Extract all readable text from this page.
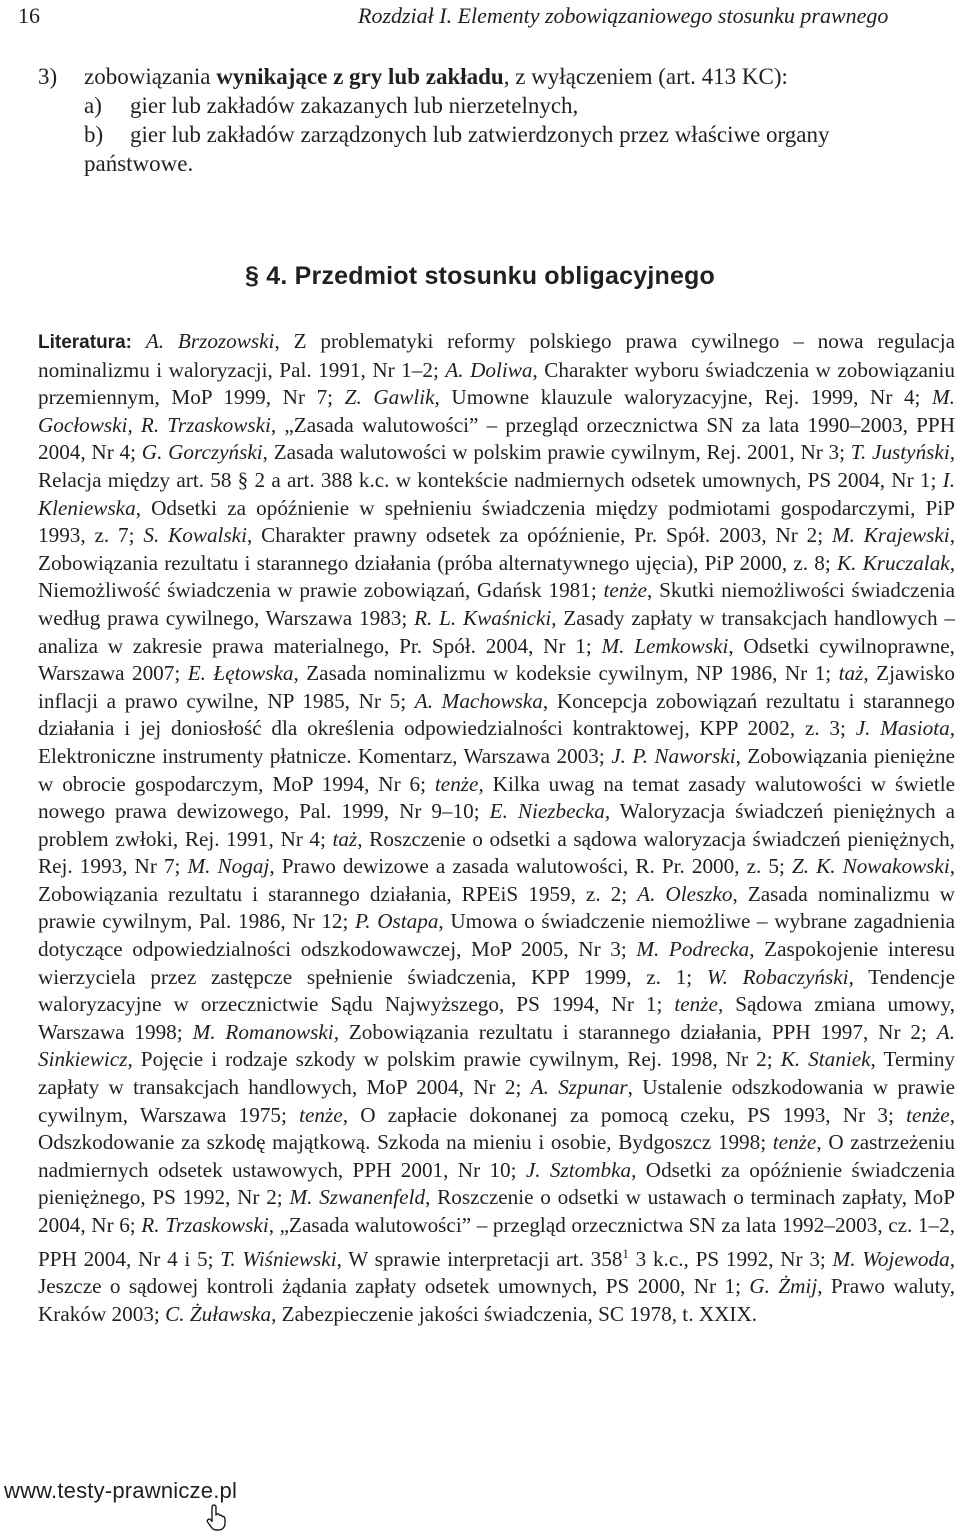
16	Rozdział I. Elementy zobowiązaniowego stosunku prawnego
3) zobowiązania wynikające z gry lub zakładu, z wyłączeniem (art. 413 KC):
a) gier lub zakładów zakazanych lub nierzetelnych,
b) gier lub zakładów zarządzonych lub zatwierdzonych przez właściwe organy
państwowe.
§ 4. Przedmiot stosunku obligacyjnego
Literatura: A. Brzozowski, Z problematyki reformy polskiego prawa cywilnego – nowa regulacja nominalizmu i waloryzacji, Pal. 1991, Nr 1–2; A. Doliwa, Charakter wyboru świadczenia w zobowiązaniu przemiennym, MoP 1999, Nr 7; Z. Gawlik, Umowne klauzule waloryzacyjne, Rej. 1999, Nr 4; M. Gocłowski, R. Trzaskowski, „Zasada walutowości” – przegląd orzecznictwa SN za lata 1990–2003, PPH 2004, Nr 4; G. Gorczyński, Zasada walutowości w polskim prawie cywilnym, Rej. 2001, Nr 3; T. Justyński, Relacja między art. 58 § 2 a art. 388 k.c. w kontekście nadmiernych odsetek umownych, PS 2004, Nr 1; I. Kleniewska, Odsetki za opóźnienie w spełnieniu świadczenia między podmiotami gospodarczymi, PiP 1993, z. 7; S. Kowalski, Charakter prawny odsetek za opóźnienie, Pr. Spół. 2003, Nr 2; M. Krajewski, Zobowiązania rezultatu i starannego działania (próba alternatywnego ujęcia), PiP 2000, z. 8; K. Kruczalak, Niemożliwość świadczenia w prawie zobowiązań, Gdańsk 1981; tenże, Skutki niemożliwości świadczenia według prawa cywilnego, Warszawa 1983; R. L. Kwaśnicki, Zasady zapłaty w transakcjach handlowych – analiza w zakresie prawa materialnego, Pr. Spół. 2004, Nr 1; M. Lemkowski, Odsetki cywilnoprawne, Warszawa 2007; E. Łętowska, Zasada nominalizmu w kodeksie cywilnym, NP 1986, Nr 1; taż, Zjawisko inflacji a prawo cywilne, NP 1985, Nr 5; A. Machowska, Koncepcja zobowiązań rezultatu i starannego działania i jej doniosłość dla określenia odpowiedzialności kontraktowej, KPP 2002, z. 3; J. Masiota, Elektroniczne instrumenty płatnicze. Komentarz, Warszawa 2003; J. P. Naworski, Zobowiązania pieniężne w obrocie gospodarczym, MoP 1994, Nr 6; tenże, Kilka uwag na temat zasady walutowości w świetle nowego prawa dewizowego, Pal. 1999, Nr 9–10; E. Niezbecka, Waloryzacja świadczeń pieniężnych a problem zwłoki, Rej. 1991, Nr 4; taż, Roszczenie o odsetki a sądowa waloryzacja świadczeń pieniężnych, Rej. 1993, Nr 7; M. Nogaj, Prawo dewizowe a zasada walutowości, R. Pr. 2000, z. 5; Z. K. Nowakowski, Zobowiązania rezultatu i starannego działania, RPEiS 1959, z. 2; A. Oleszko, Zasada nominalizmu w prawie cywilnym, Pal. 1986, Nr 12; P. Ostapa, Umowa o świadczenie niemożliwe – wybrane zagadnienia dotyczące odpowiedzialności odszkodowawczej, MoP 2005, Nr 3; M. Podrecka, Zaspokojenie interesu wierzyciela przez zastępcze spełnienie świadczenia, KPP 1999, z. 1; W. Robaczyński, Tendencje waloryzacyjne w orzecznictwie Sądu Najwyższego, PS 1994, Nr 1; tenże, Sądowa zmiana umowy, Warszawa 1998; M. Romanowski, Zobowiązania rezultatu i starannego działania, PPH 1997, Nr 2; A. Sinkiewicz, Pojęcie i rodzaje szkody w polskim prawie cywilnym, Rej. 1998, Nr 2; K. Staniek, Terminy zapłaty w transakcjach handlowych, MoP 2004, Nr 2; A. Szpunar, Ustalenie odszkodowania w prawie cywilnym, Warszawa 1975; tenże, O zapłacie dokonanej za pomocą czeku, PS 1993, Nr 3; tenże, Odszkodowanie za szkodę majątkową. Szkoda na mieniu i osobie, Bydgoszcz 1998; tenże, O zastrzeżeniu nadmiernych odsetek ustawowych, PPH 2001, Nr 10; J. Sztombka, Odsetki za opóźnienie świadczenia pieniężnego, PS 1992, Nr 2; M. Szwanenfeld, Roszczenie o odsetki w ustawach o terminach zapłaty, MoP 2004, Nr 6; R. Trzaskowski, „Zasada walutowości” – przegląd orzecznictwa SN za lata 1992–2003, cz. 1–2, PPH 2004, Nr 4 i 5; T. Wiśniewski, W sprawie interpretacji art. $358^1$ 3 k.c., PS 1992, Nr 3; M. Wojewoda, Jeszcze o sądowej kontroli żądania zapłaty odsetek umownych, PS 2000, Nr 1; G. Żmij, Prawo waluty, Kraków 2003; C. Żuławska, Zabezpieczenie jakości świadczenia, SC 1978, t. XXIX.
www.testy-prawnicze.pl
